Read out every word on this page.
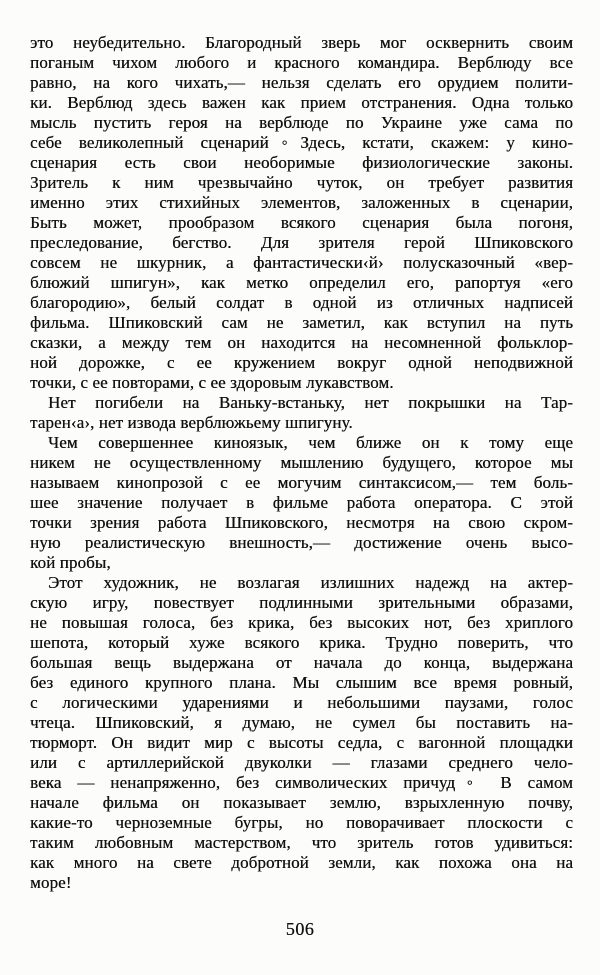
это неубедительно. Благородный зверь мог осквернить своим
поганым чихом любого и красного командира. Верблюду все
равно, на кого чихать,— нельзя сделать его орудием полити-
ки. Верблюд здесь важен как прием отстранения. Одна только
мысль пустить героя на верблюде по Украине уже сама по
себе великолепный сценарий◦Здесь, кстати, скажем: у кино-
сценария есть свои необоримые физиологические законы.
Зритель к ним чрезвычайно чуток, он требует развития
именно этих стихийных элементов, заложенных в сценарии,
Быть может, прообразом всякого сценария была погоня,
преследование, бегство. Для зрителя герой Шпиковского
совсем не шкурник, а фантастически‹й› полусказочный «вер-
блюжий шпигун», как метко определил его, рапортуя «его
благородию», белый солдат в одной из отличных надписей
фильма. Шпиковский сам не заметил, как вступил на путь
сказки, а между тем он находится на несомненной фольклор-
ной дорожке, с ее кружением вокруг одной неподвижной
точки, с ее повторами, с ее здоровым лукавством.
Нет погибели на Ваньку-встаньку, нет покрышки на Тар-
тарен‹а›, нет извода верблюжьему шпигуну.
Чем совершеннее киноязык, чем ближе он к тому еще
никем не осуществленному мышлению будущего, которое мы
называем кинопрозой с ее могучим синтаксисом,— тем боль-
шее значение получает в фильме работа оператора. С этой
точки зрения работа Шпиковского, несмотря на свою скром-
ную реалистическую внешность,— достижение очень высо-
кой пробы,
Этот художник, не возлагая излишних надежд на актер-
скую игру, повествует подлинными зрительными образами,
не повышая голоса, без крика, без высоких нот, без хриплого
шепота, который хуже всякого крика. Трудно поверить, что
большая вещь выдержана от начала до конца, выдержана
без единого крупного плана. Мы слышим все время ровный,
с логическими ударениями и небольшими паузами, голос
чтеца. Шпиковский, я думаю, не сумел бы поставить на-
тюрморт. Он видит мир с высоты седла, с вагонной площадки
или с артиллерийской двуколки — глазами среднего чело-
века — ненапряженно, без символических причуд◦ В самом
начале фильма он показывает землю, взрыхленную почву,
какие-то черноземные бугры, но поворачивает плоскости с
таким любовным мастерством, что зритель готов удивиться:
как много на свете добротной земли, как похожа она на
море!
506
